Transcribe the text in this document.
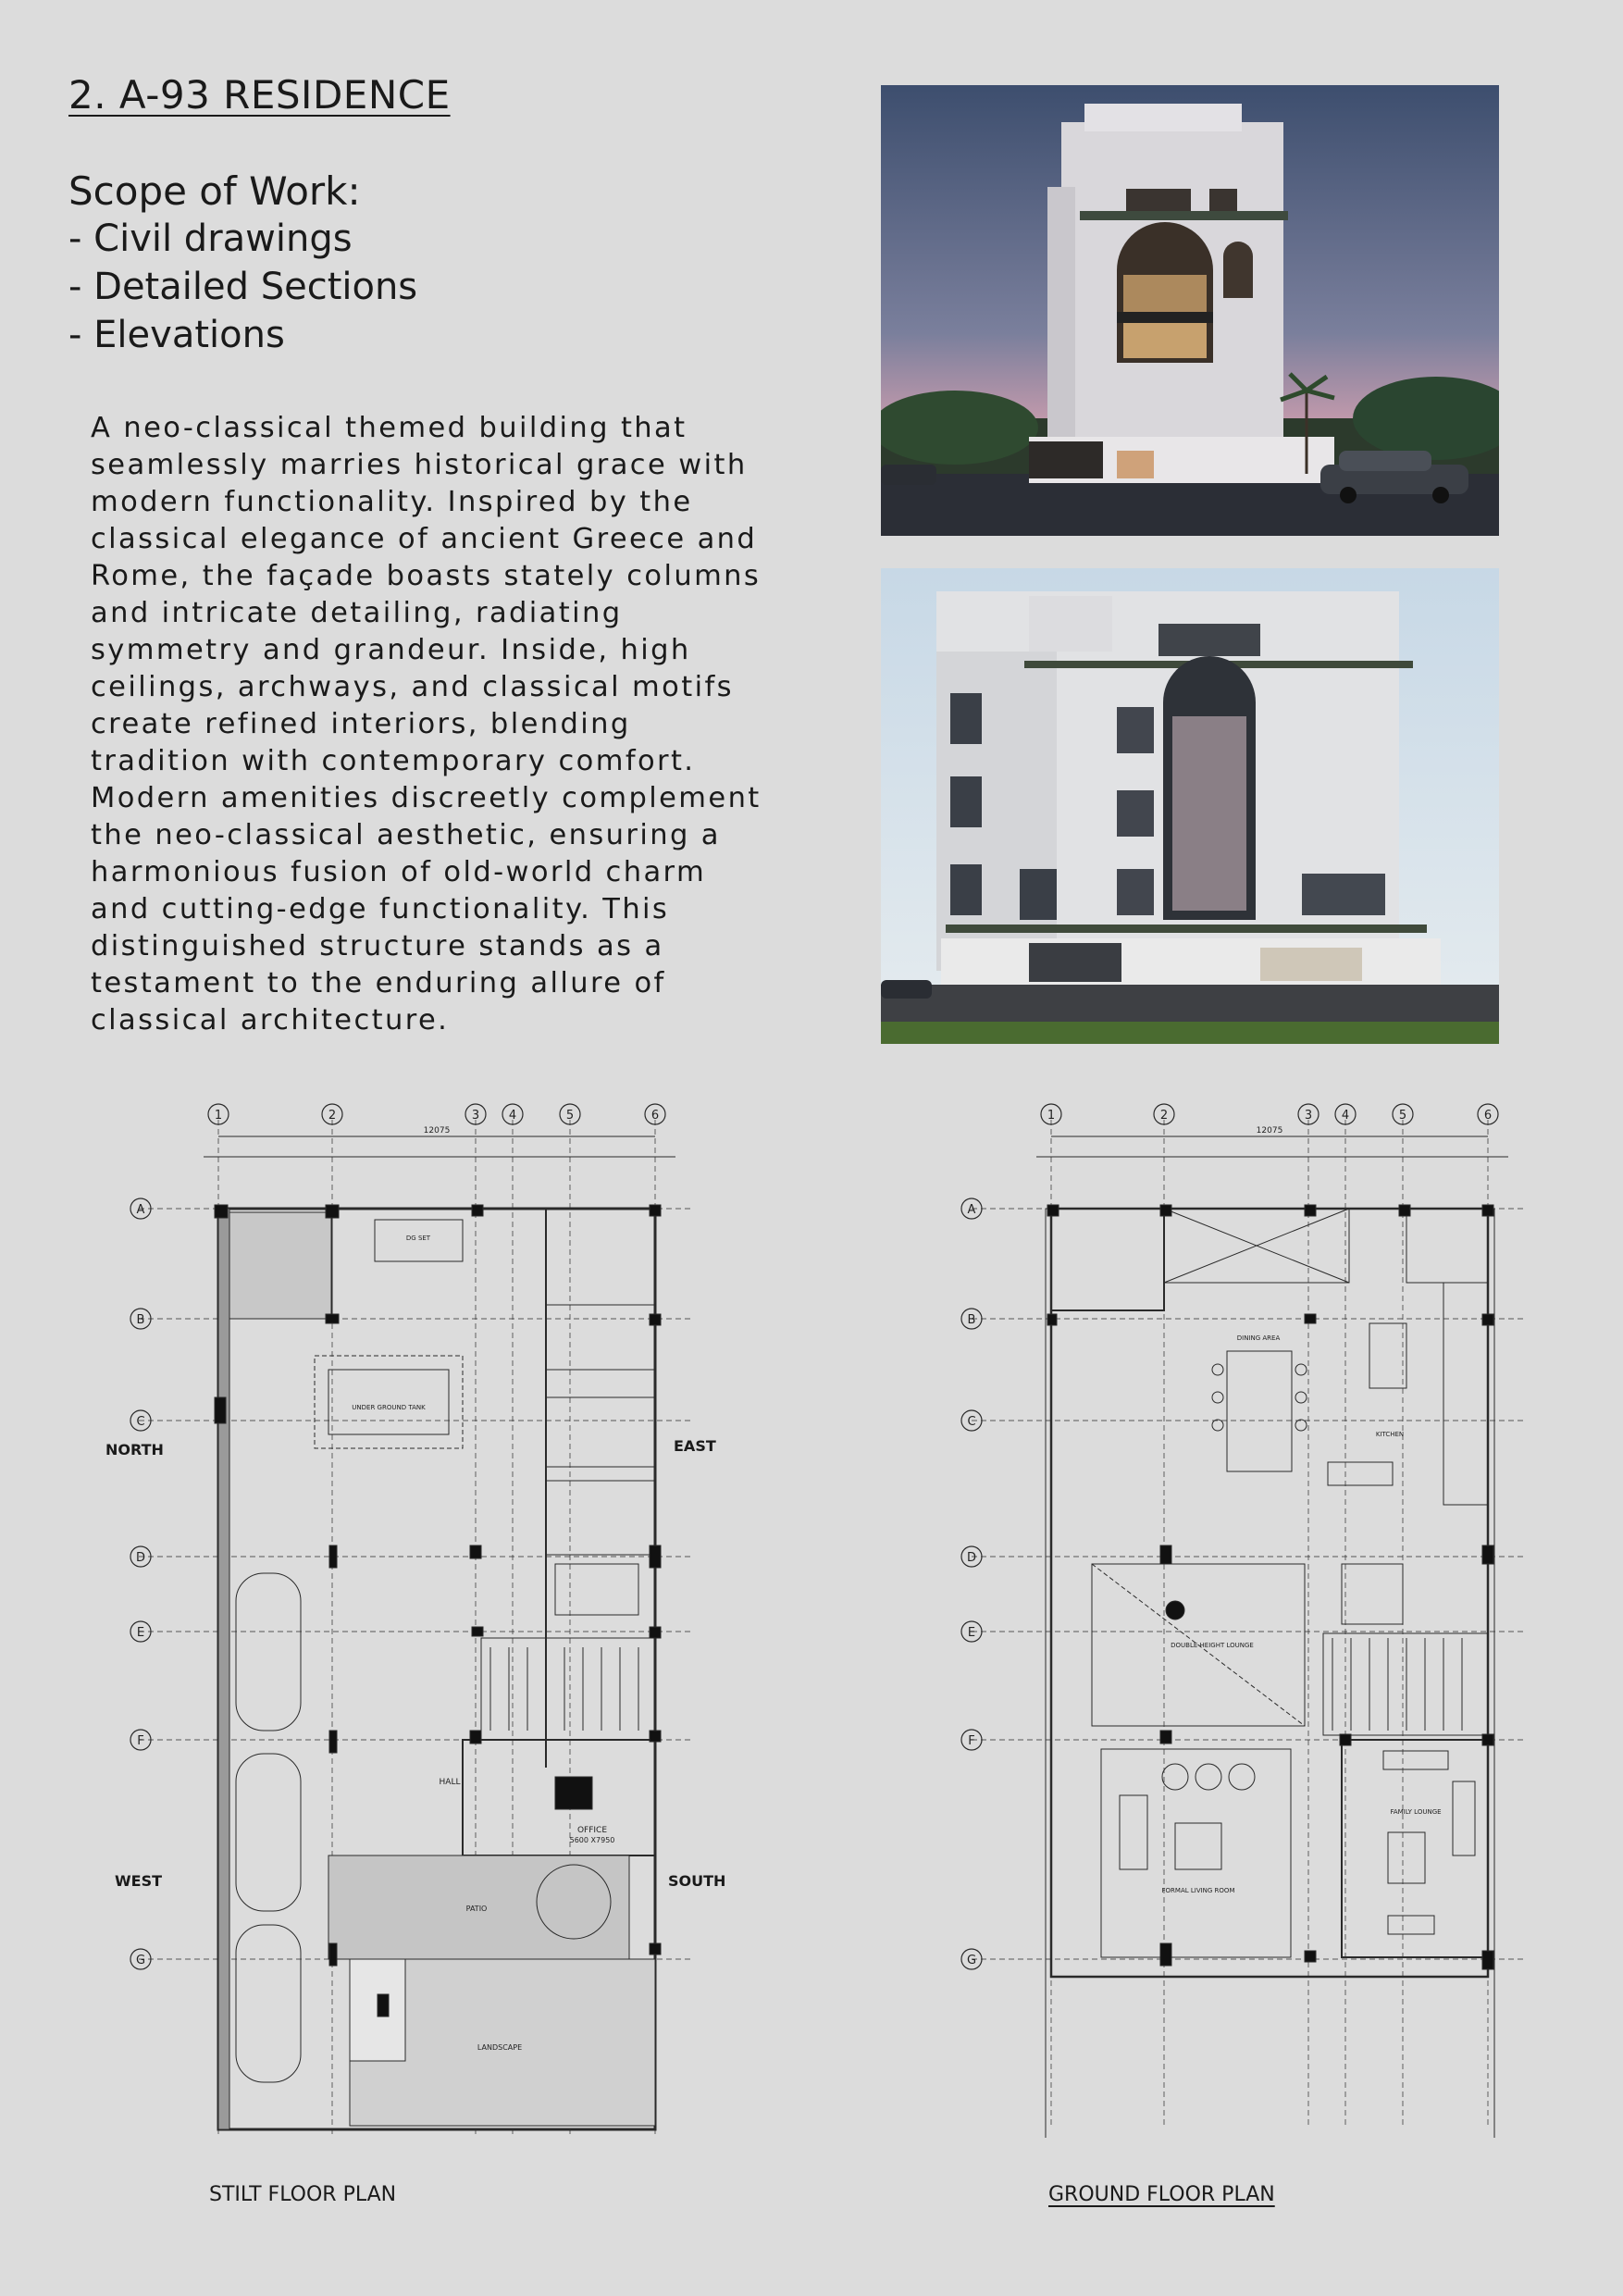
2. A-93 RESIDENCE
Scope of Work:
- Civil drawings
- Detailed Sections
- Elevations

A neo-classical themed building that seamlessly marries historical grace with modern functionality. Inspired by the classical elegance of ancient Greece and Rome, the façade boasts stately columns and intricate detailing, radiating symmetry and grandeur. Inside, high ceilings, archways, and classical motifs create refined interiors, blending tradition with contemporary comfort. Modern amenities discreetly complement the neo-classical aesthetic, ensuring a harmonious fusion of old-world charm and cutting-edge functionality. This distinguished structure stands as a testament to the enduring allure of classical architecture.

1	2	3 4	5	6
A
B
C
D
E
F
G
12075
HALL
OFFICE
5600 X7950
PATIO
LANDSCAPE
UNDER GROUND TANK
DG SET
NORTH	EAST
WEST	SOUTH
STILT FLOOR PLAN
1	2	3 4	5	6
A
B
C
D
E
F
G
12075
KITCHEN
DINING AREA
DOUBLE HEIGHT LOUNGE
FAMILY LOUNGE
FORMAL LIVING ROOM
GROUND FLOOR PLAN
